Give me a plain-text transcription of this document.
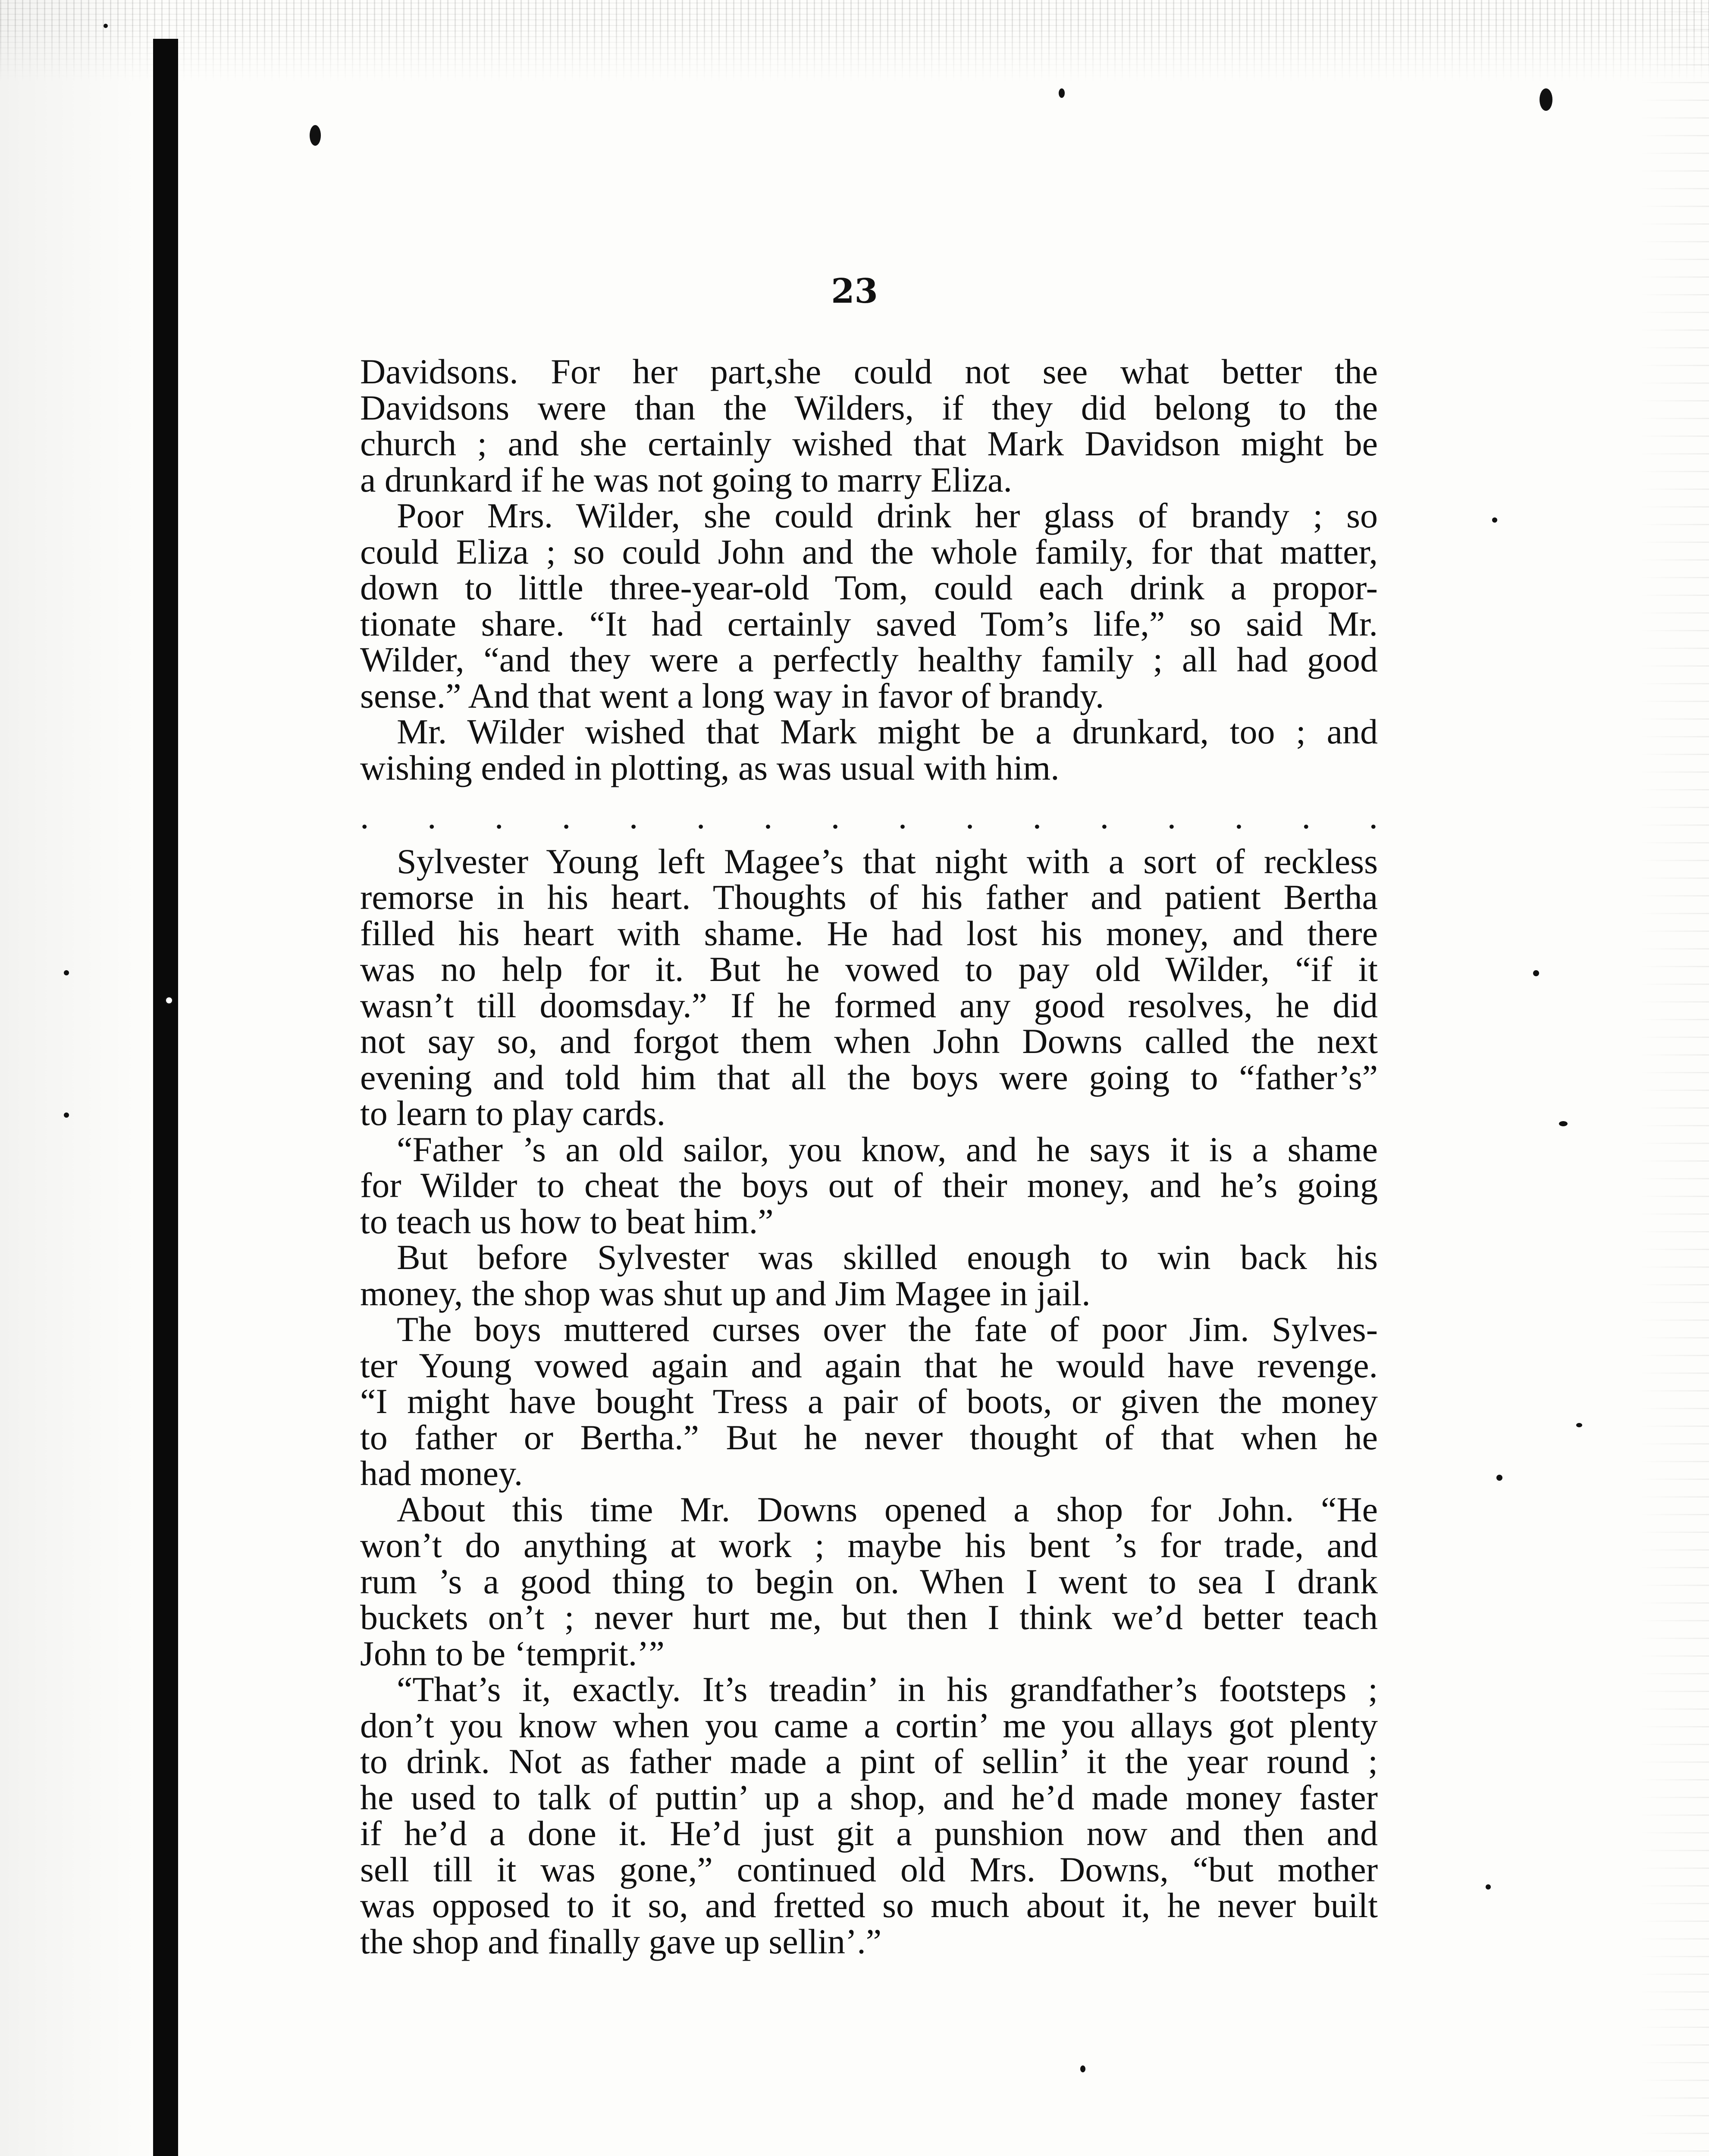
23
Davidsons. For her part,she could not see what better the
Davidsons were than the Wilders, if they did belong to the
church ; and she certainly wished that Mark Davidson might be
a drunkard if he was not going to marry Eliza.
Poor Mrs. Wilder, she could drink her glass of brandy ; so
could Eliza ; so could John and the whole family, for that matter,
down to little three-year-old Tom, could each drink a propor-
tionate share. “It had certainly saved Tom’s life,” so said Mr.
Wilder, “and they were a perfectly healthy family ; all had good
sense.” And that went a long way in favor of brandy.
Mr. Wilder wished that Mark might be a drunkard, too ; and
wishing ended in plotting, as was usual with him.
. . . . . . . . . . . . . . . .
Sylvester Young left Magee’s that night with a sort of reckless
remorse in his heart. Thoughts of his father and patient Bertha
filled his heart with shame. He had lost his money, and there
was no help for it. But he vowed to pay old Wilder, “if it
wasn’t till doomsday.” If he formed any good resolves, he did
not say so, and forgot them when John Downs called the next
evening and told him that all the boys were going to “father’s”
to learn to play cards.
“Father ’s an old sailor, you know, and he says it is a shame
for Wilder to cheat the boys out of their money, and he’s going
to teach us how to beat him.”
But before Sylvester was skilled enough to win back his
money, the shop was shut up and Jim Magee in jail.
The boys muttered curses over the fate of poor Jim. Sylves-
ter Young vowed again and again that he would have revenge.
“I might have bought Tress a pair of boots, or given the money
to father or Bertha.” But he never thought of that when he
had money.
About this time Mr. Downs opened a shop for John. “He
won’t do anything at work ; maybe his bent ’s for trade, and
rum ’s a good thing to begin on. When I went to sea I drank
buckets on’t ; never hurt me, but then I think we’d better teach
John to be ‘temprit.’”
“That’s it, exactly. It’s treadin’ in his grandfather’s footsteps ;
don’t you know when you came a cortin’ me you allays got plenty
to drink. Not as father made a pint of sellin’ it the year round ;
he used to talk of puttin’ up a shop, and he’d made money faster
if he’d a done it. He’d just git a punshion now and then and
sell till it was gone,” continued old Mrs. Downs, “but mother
was opposed to it so, and fretted so much about it, he never built
the shop and finally gave up sellin’.”
